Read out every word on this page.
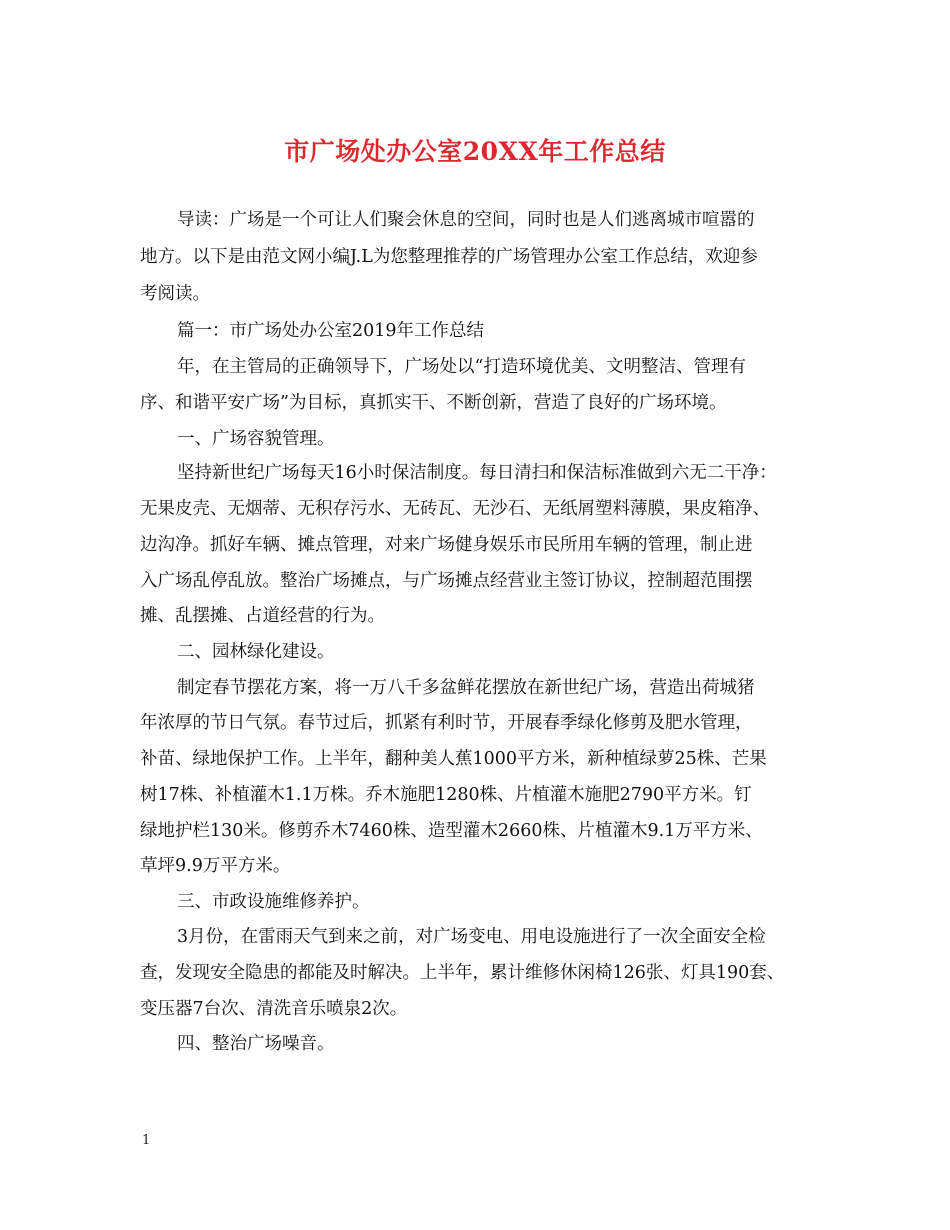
市广场处办公室20XX年工作总结
导读：广场是一个可让人们聚会休息的空间，同时也是人们逃离城市喧嚣的
地方。以下是由范文网小编J.L为您整理推荐的广场管理办公室工作总结，欢迎参
考阅读。
篇一：市广场处办公室2019年工作总结
年，在主管局的正确领导下，广场处以“打造环境优美、文明整洁、管理有
序、和谐平安广场”为目标，真抓实干、不断创新，营造了良好的广场环境。
一、广场容貌管理。
坚持新世纪广场每天16小时保洁制度。每日清扫和保洁标准做到六无二干净：
无果皮壳、无烟蒂、无积存污水、无砖瓦、无沙石、无纸屑塑料薄膜，果皮箱净、
边沟净。抓好车辆、摊点管理，对来广场健身娱乐市民所用车辆的管理，制止进
入广场乱停乱放。整治广场摊点，与广场摊点经营业主签订协议，控制超范围摆
摊、乱摆摊、占道经营的行为。
二、园林绿化建设。
制定春节摆花方案，将一万八千多盆鲜花摆放在新世纪广场，营造出荷城猪
年浓厚的节日气氛。春节过后，抓紧有利时节，开展春季绿化修剪及肥水管理，
补苗、绿地保护工作。上半年，翻种美人蕉1000平方米，新种植绿萝25株、芒果
树17株、补植灌木1.1万株。乔木施肥1280株、片植灌木施肥2790平方米。钉
绿地护栏130米。修剪乔木7460株、造型灌木2660株、片植灌木9.1万平方米、
草坪9.9万平方米。
三、市政设施维修养护。
3月份，在雷雨天气到来之前，对广场变电、用电设施进行了一次全面安全检
查，发现安全隐患的都能及时解决。上半年，累计维修休闲椅126张、灯具190套、
变压器7台次、清洗音乐喷泉2次。
四、整治广场噪音。
1
